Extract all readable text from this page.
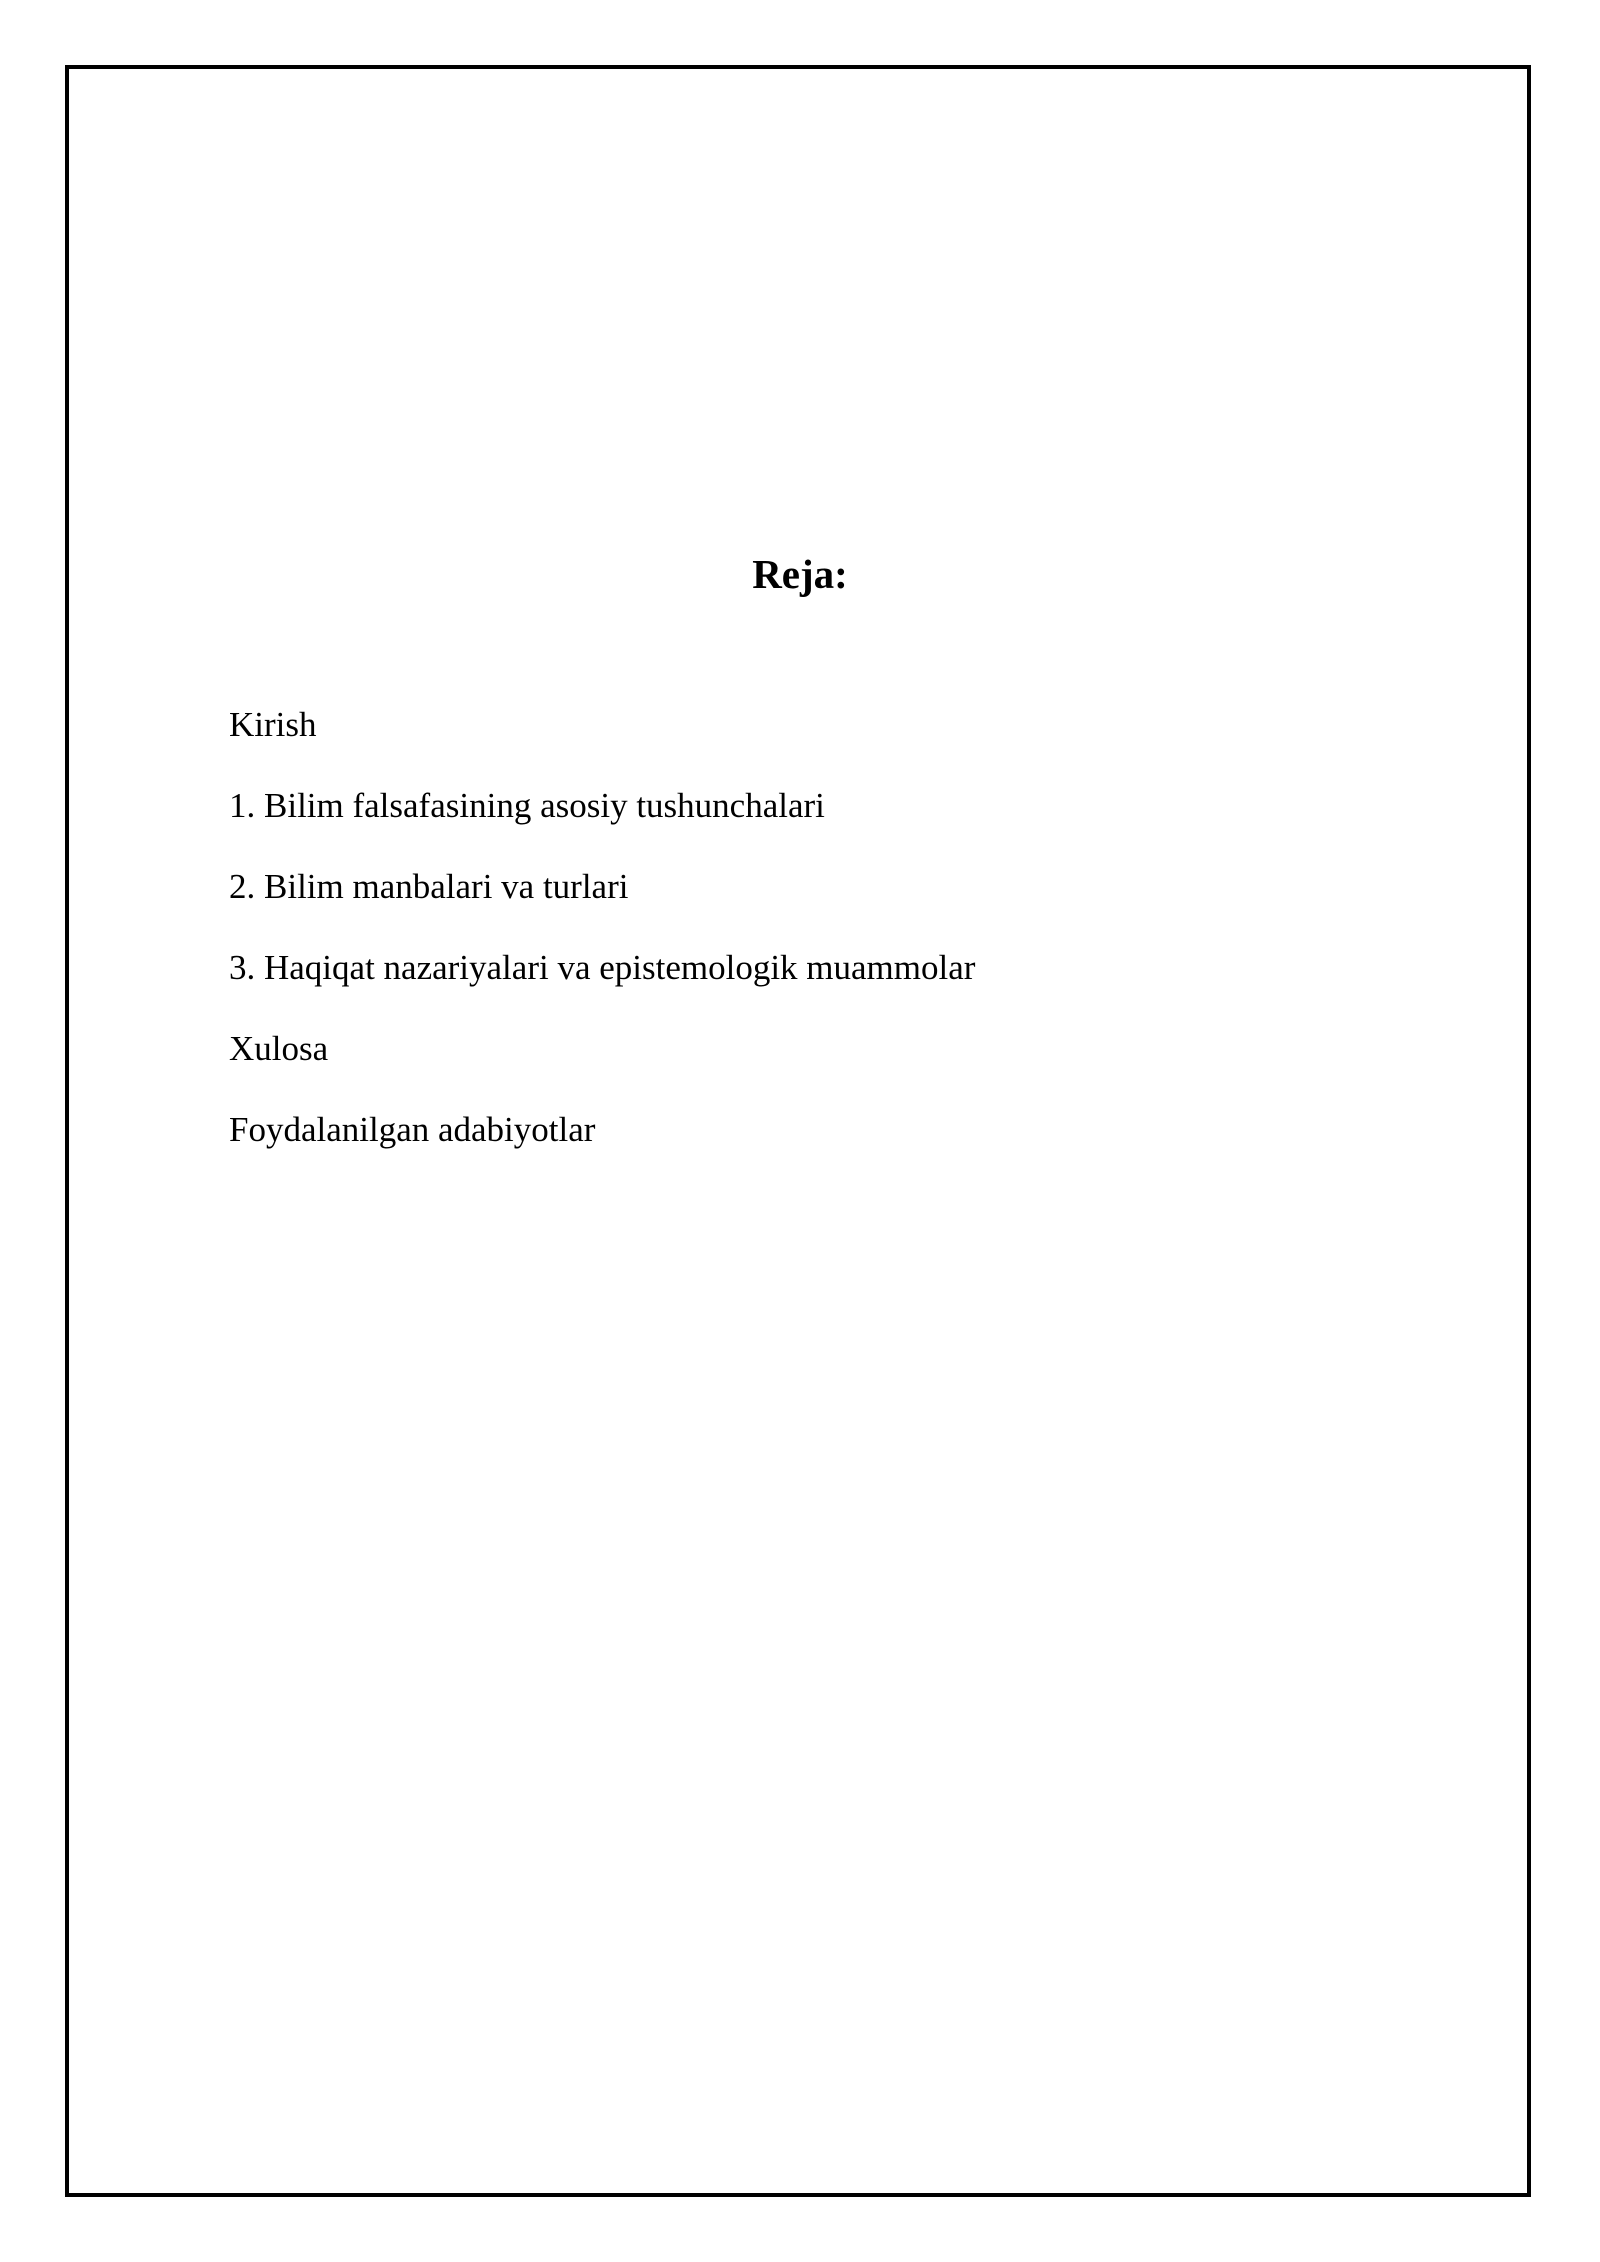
Reja:
Kirish
1. Bilim falsafasining asosiy tushunchalari
2. Bilim manbalari va turlari
3. Haqiqat nazariyalari va epistemologik muammolar
Xulosa
Foydalanilgan adabiyotlar
